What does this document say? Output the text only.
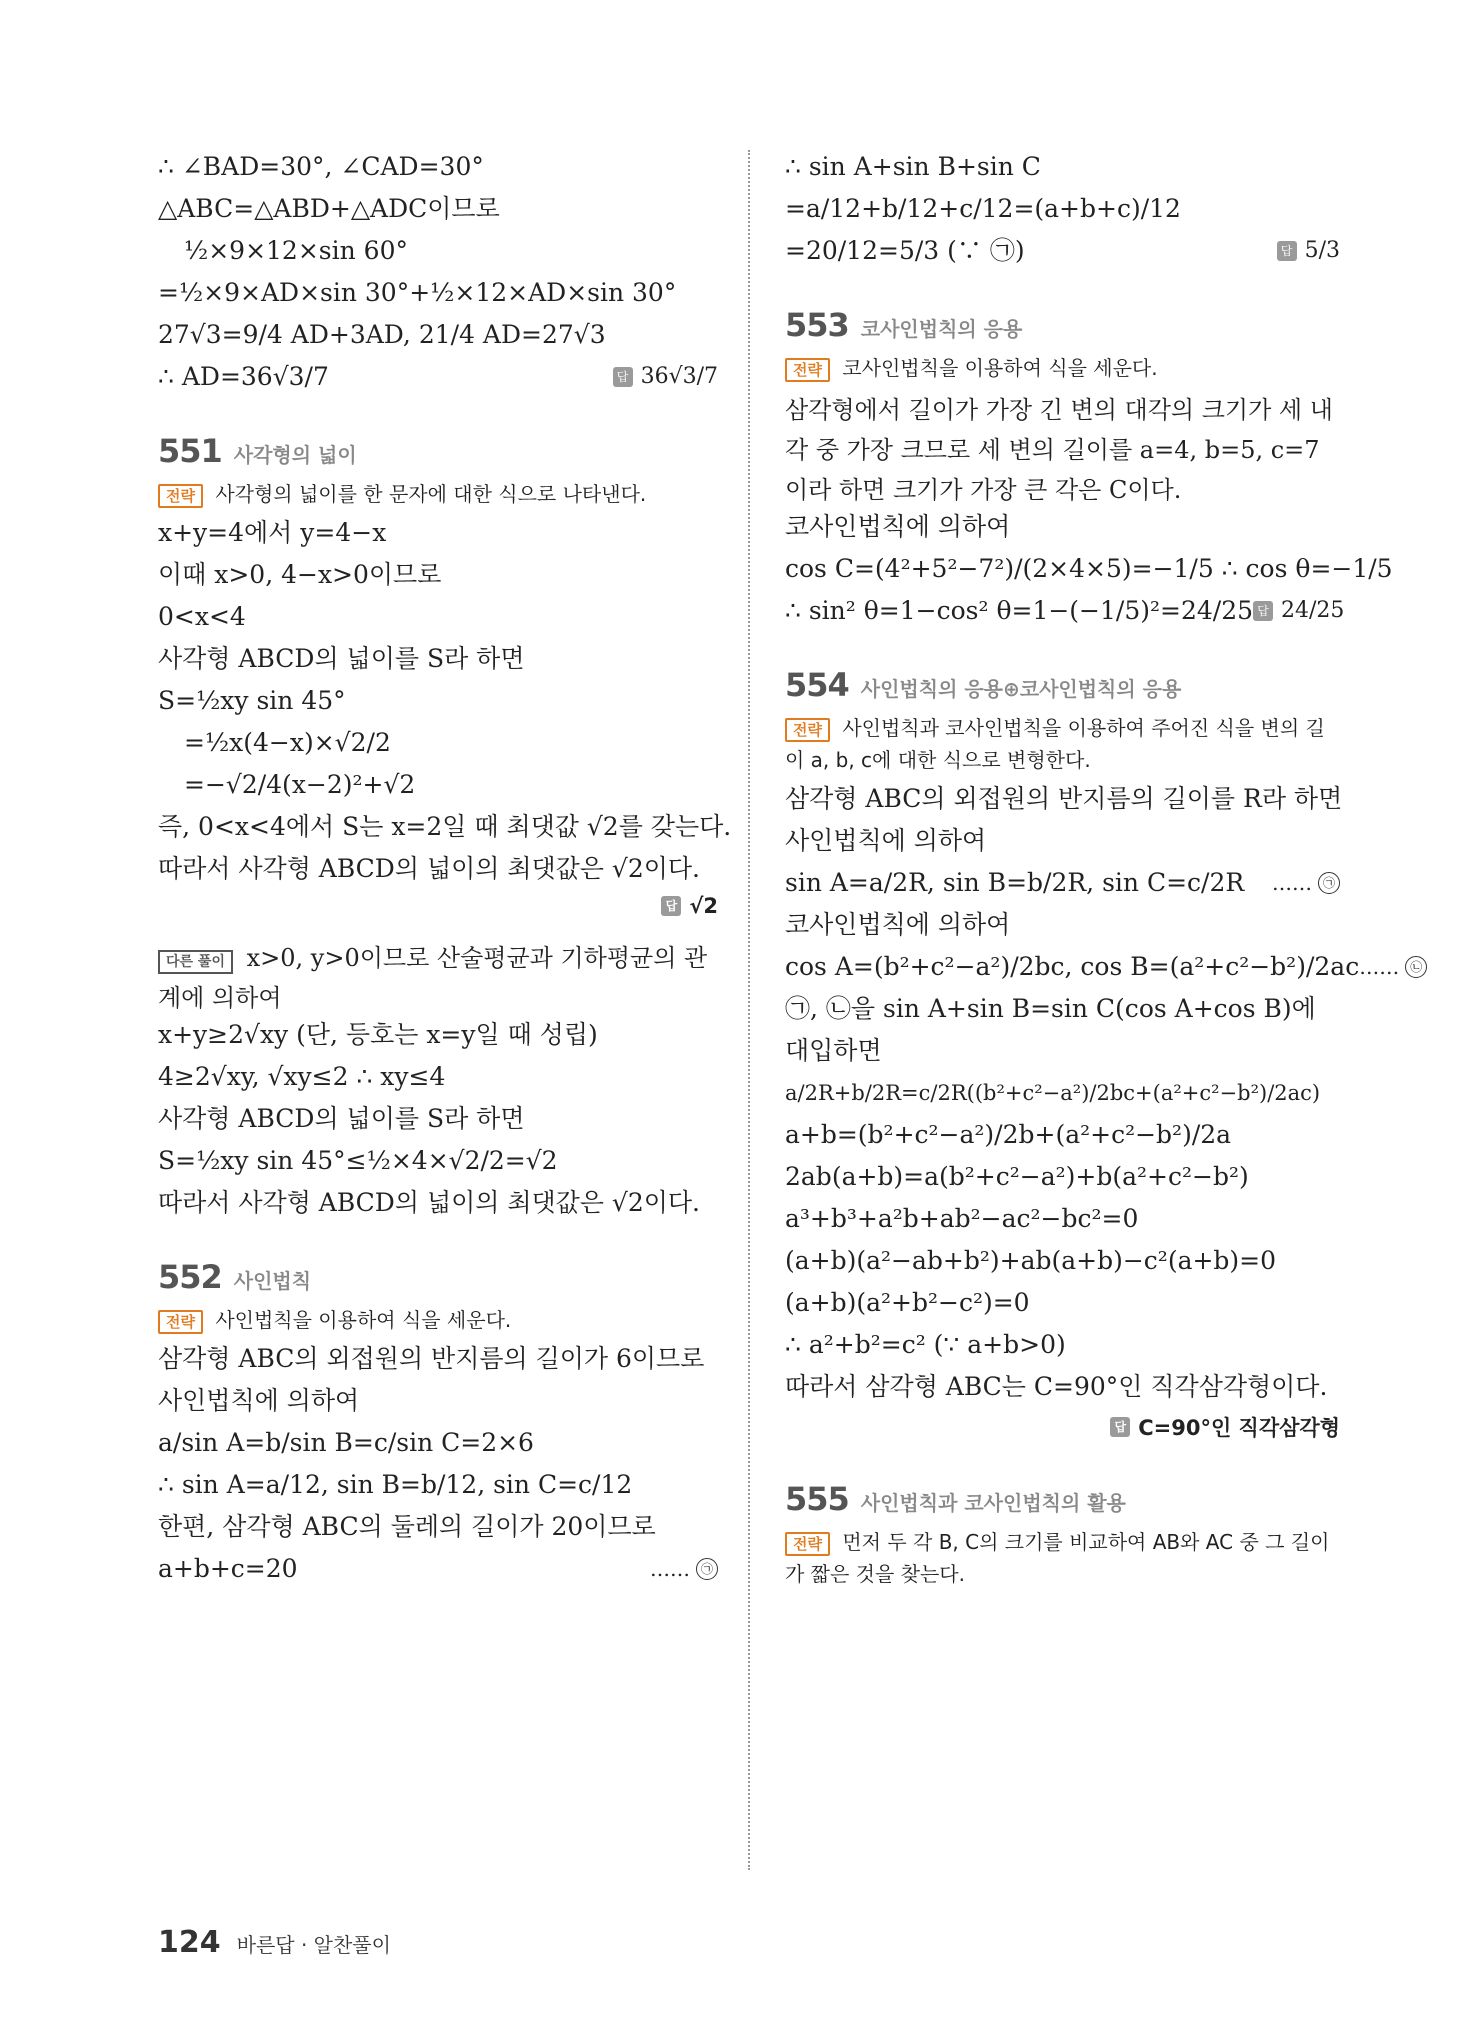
∴ ∠BAD=30°, ∠CAD=30°
△ABC=△ABD+△ADC이므로
½×9×12×sin 60°
=½×9×AD×sin 30°+½×12×AD×sin 30°
27√3=9/4 AD+3AD, 21/4 AD=27√3
∴ AD=36√3/7	답 36√3/7
551 사각형의 넓이
전략 사각형의 넓이를 한 문자에 대한 식으로 나타낸다.
x+y=4에서 y=4−x
이때 x>0, 4−x>0이므로
0<x<4
사각형 ABCD의 넓이를 S라 하면
S=½xy sin 45°
=½x(4−x)×√2/2
=−√2/4(x−2)²+√2
즉, 0<x<4에서 S는 x=2일 때 최댓값 √2를 갖는다.
따라서 사각형 ABCD의 넓이의 최댓값은 √2이다.
답 √2
다른 풀이 x>0, y>0이므로 산술평균과 기하평균의 관계에 의하여
x+y≥2√xy (단, 등호는 x=y일 때 성립)
4≥2√xy, √xy≤2 ∴ xy≤4
사각형 ABCD의 넓이를 S라 하면
S=½xy sin 45°≤½×4×√2/2=√2
따라서 사각형 ABCD의 넓이의 최댓값은 √2이다.
552 사인법칙
전략 사인법칙을 이용하여 식을 세운다.
삼각형 ABC의 외접원의 반지름의 길이가 6이므로
사인법칙에 의하여
a/sin A=b/sin B=c/sin C=2×6
∴ sin A=a/12, sin B=b/12, sin C=c/12
한편, 삼각형 ABC의 둘레의 길이가 20이므로
a+b+c=20	…… ㉠
∴ sin A+sin B+sin C
=a/12+b/12+c/12=(a+b+c)/12
=20/12=5/3 (∵ ㉠)	답 5/3
553 코사인법칙의 응용
전략 코사인법칙을 이용하여 식을 세운다.
삼각형에서 길이가 가장 긴 변의 대각의 크기가 세 내각 중 가장 크므로 세 변의 길이를 a=4, b=5, c=7이라 하면 크기가 가장 큰 각은 C이다.
코사인법칙에 의하여
cos C=(4²+5²−7²)/(2×4×5)=−1/5 ∴ cos θ=−1/5
∴ sin² θ=1−cos² θ=1−(−1/5)²=24/25 답 24/25
554 사인법칙의 응용⊕코사인법칙의 응용
전략 사인법칙과 코사인법칙을 이용하여 주어진 식을 변의 길이 a, b, c에 대한 식으로 변형한다.
삼각형 ABC의 외접원의 반지름의 길이를 R라 하면
사인법칙에 의하여
sin A=a/2R, sin B=b/2R, sin C=c/2R …… ㉠
코사인법칙에 의하여
cos A=(b²+c²−a²)/2bc, cos B=(a²+c²−b²)/2ac …… ㉡
㉠, ㉡을 sin A+sin B=sin C(cos A+cos B)에
대입하면
a/2R+b/2R=c/2R((b²+c²−a²)/2bc+(a²+c²−b²)/2ac)
a+b=(b²+c²−a²)/2b+(a²+c²−b²)/2a
2ab(a+b)=a(b²+c²−a²)+b(a²+c²−b²)
a³+b³+a²b+ab²−ac²−bc²=0
(a+b)(a²−ab+b²)+ab(a+b)−c²(a+b)=0
(a+b)(a²+b²−c²)=0
∴ a²+b²=c² (∵ a+b>0)
따라서 삼각형 ABC는 C=90°인 직각삼각형이다.
답 C=90°인 직각삼각형
555 사인법칙과 코사인법칙의 활용
전략 먼저 두 각 B, C의 크기를 비교하여 AB와 AC 중 그 길이가 짧은 것을 찾는다.
124 바른답 · 알찬풀이
